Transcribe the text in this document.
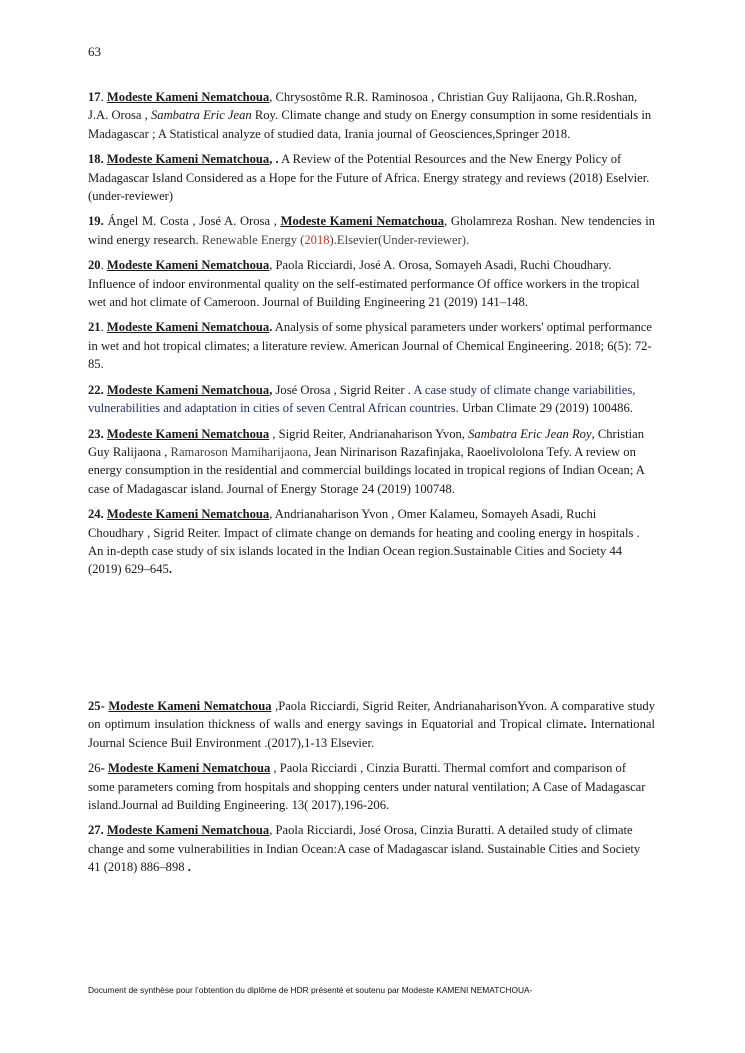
63

17. Modeste Kameni Nematchoua, Chrysostôme R.R. Raminosoa , Christian Guy Ralijaona, Gh.R.Roshan, J.A. Orosa , Sambatra Eric Jean Roy. Climate change and study on Energy consumption in some residentials in Madagascar ; A Statistical analyze of studied data, Irania journal of Geosciences,Springer 2018.

18. Modeste Kameni Nematchoua, . A Review of the Potential Resources and the New Energy Policy of Madagascar Island Considered as a Hope for the Future of Africa. Energy strategy and reviews (2018) Eselvier.(under-reviewer)

19. Ángel M. Costa , José A. Orosa , Modeste Kameni Nematchoua, Gholamreza Roshan. New tendencies in wind energy research. Renewable Energy (2018).Elsevier(Under-reviewer).

20. Modeste Kameni Nematchoua, Paola Ricciardi, José A. Orosa, Somayeh Asadi, Ruchi Choudhary. Influence of indoor environmental quality on the self-estimated performance Of office workers in the tropical wet and hot climate of Cameroon. Journal of Building Engineering 21 (2019) 141–148.

21. Modeste Kameni Nematchoua. Analysis of some physical parameters under workers' optimal performance in wet and hot tropical climates; a literature review. American Journal of Chemical Engineering. 2018; 6(5): 72-85.

22. Modeste Kameni Nematchoua, José Orosa , Sigrid Reiter . A case study of climate change variabilities, vulnerabilities and adaptation in cities of seven Central African countries. Urban Climate 29 (2019) 100486.

23. Modeste Kameni Nematchoua , Sigrid Reiter, Andrianaharison Yvon, Sambatra Eric Jean Roy, Christian Guy Ralijaona , Ramaroson Mamiharijaona, Jean Nirinarison Razafinjaka, Raoelivololona Tefy. A review on energy consumption in the residential and commercial buildings located in tropical regions of Indian Ocean; A case of Madagascar island. Journal of Energy Storage 24 (2019) 100748.

24. Modeste Kameni Nematchoua, Andrianaharison Yvon , Omer Kalameu, Somayeh Asadi, Ruchi Choudhary , Sigrid Reiter. Impact of climate change on demands for heating and cooling energy in hospitals . An in-depth case study of six islands located in the Indian Ocean region.Sustainable Cities and Society 44 (2019) 629–645.

25- Modeste Kameni Nematchoua ,Paola Ricciardi, Sigrid Reiter, AndrianaharisonYvon. A comparative study on optimum insulation thickness of walls and energy savings in Equatorial and Tropical climate. International Journal Science Buil Environment .(2017),1-13 Elsevier.

26- Modeste Kameni Nematchoua , Paola Ricciardi , Cinzia Buratti. Thermal comfort and comparison of some parameters coming from hospitals and shopping centers under natural ventilation; A Case of Madagascar island.Journal ad Building Engineering. 13( 2017),196-206.

27. Modeste Kameni Nematchoua, Paola Ricciardi, José Orosa, Cinzia Buratti. A detailed study of climate change and some vulnerabilities in Indian Ocean:A case of Madagascar island. Sustainable Cities and Society 41 (2018) 886–898 .

Document de synthèse pour l’obtention du diplôme de HDR présenté et soutenu par Modeste KAMENI NEMATCHOUA-
